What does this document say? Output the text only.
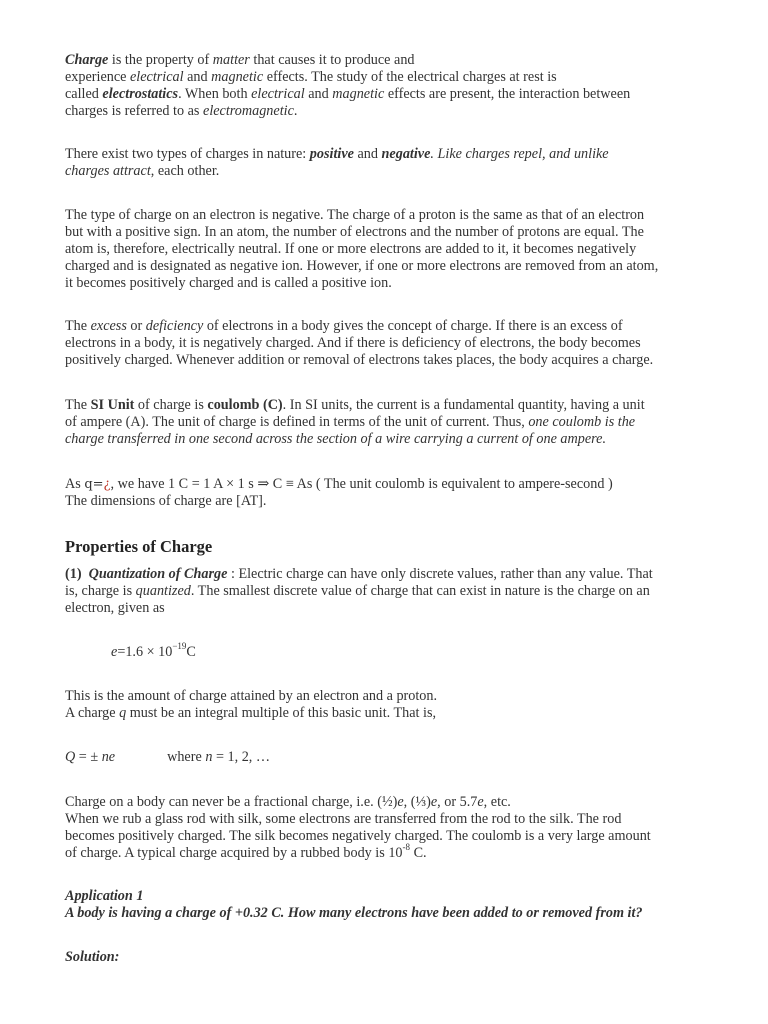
Charge is the property of matter that causes it to produce and
experience electrical and magnetic effects. The study of the electrical charges at rest is
called electrostatics. When both electrical and magnetic effects are present, the interaction between
charges is referred to as electromagnetic.
There exist two types of charges in nature: positive and negative. Like charges repel, and unlike
charges attract, each other.
The type of charge on an electron is negative. The charge of a proton is the same as that of an electron
but with a positive sign. In an atom, the number of electrons and the number of protons are equal. The
atom is, therefore, electrically neutral. If one or more electrons are added to it, it becomes negatively
charged and is designated as negative ion. However, if one or more electrons are removed from an atom,
it becomes positively charged and is called a positive ion.
The excess or deficiency of electrons in a body gives the concept of charge. If there is an excess of
electrons in a body, it is negatively charged. And if there is deficiency of electrons, the body becomes
positively charged. Whenever addition or removal of electrons takes places, the body acquires a charge.
The SI Unit of charge is coulomb (C). In SI units, the current is a fundamental quantity, having a unit
of ampere (A). The unit of charge is defined in terms of the unit of current. Thus, one coulomb is the
charge transferred in one second across the section of a wire carrying a current of one ampere.
As q=¿, we have 1 C = 1 A × 1 s ⇒ C ≡ As ( The unit coulomb is equivalent to ampere-second )
The dimensions of charge are [AT].
Properties of Charge
(1) Quantization of Charge : Electric charge can have only discrete values, rather than any value. That
is, charge is quantized. The smallest discrete value of charge that can exist in nature is the charge on an
electron, given as
$e=1.6 \times 10^{-19}C$
This is the amount of charge attained by an electron and a proton.
A charge q must be an integral multiple of this basic unit. That is,
Q = ± ne	where n = 1, 2, …
Charge on a body can never be a fractional charge, i.e. (½)e, (⅓)e, or 5.7e, etc.
When we rub a glass rod with silk, some electrons are transferred from the rod to the silk. The rod
becomes positively charged. The silk becomes negatively charged. The coulomb is a very large amount
of charge. A typical charge acquired by a rubbed body is $10^{-8}$ C.
Application 1
A body is having a charge of +0.32 C. How many electrons have been added to or removed from it?
Solution:
